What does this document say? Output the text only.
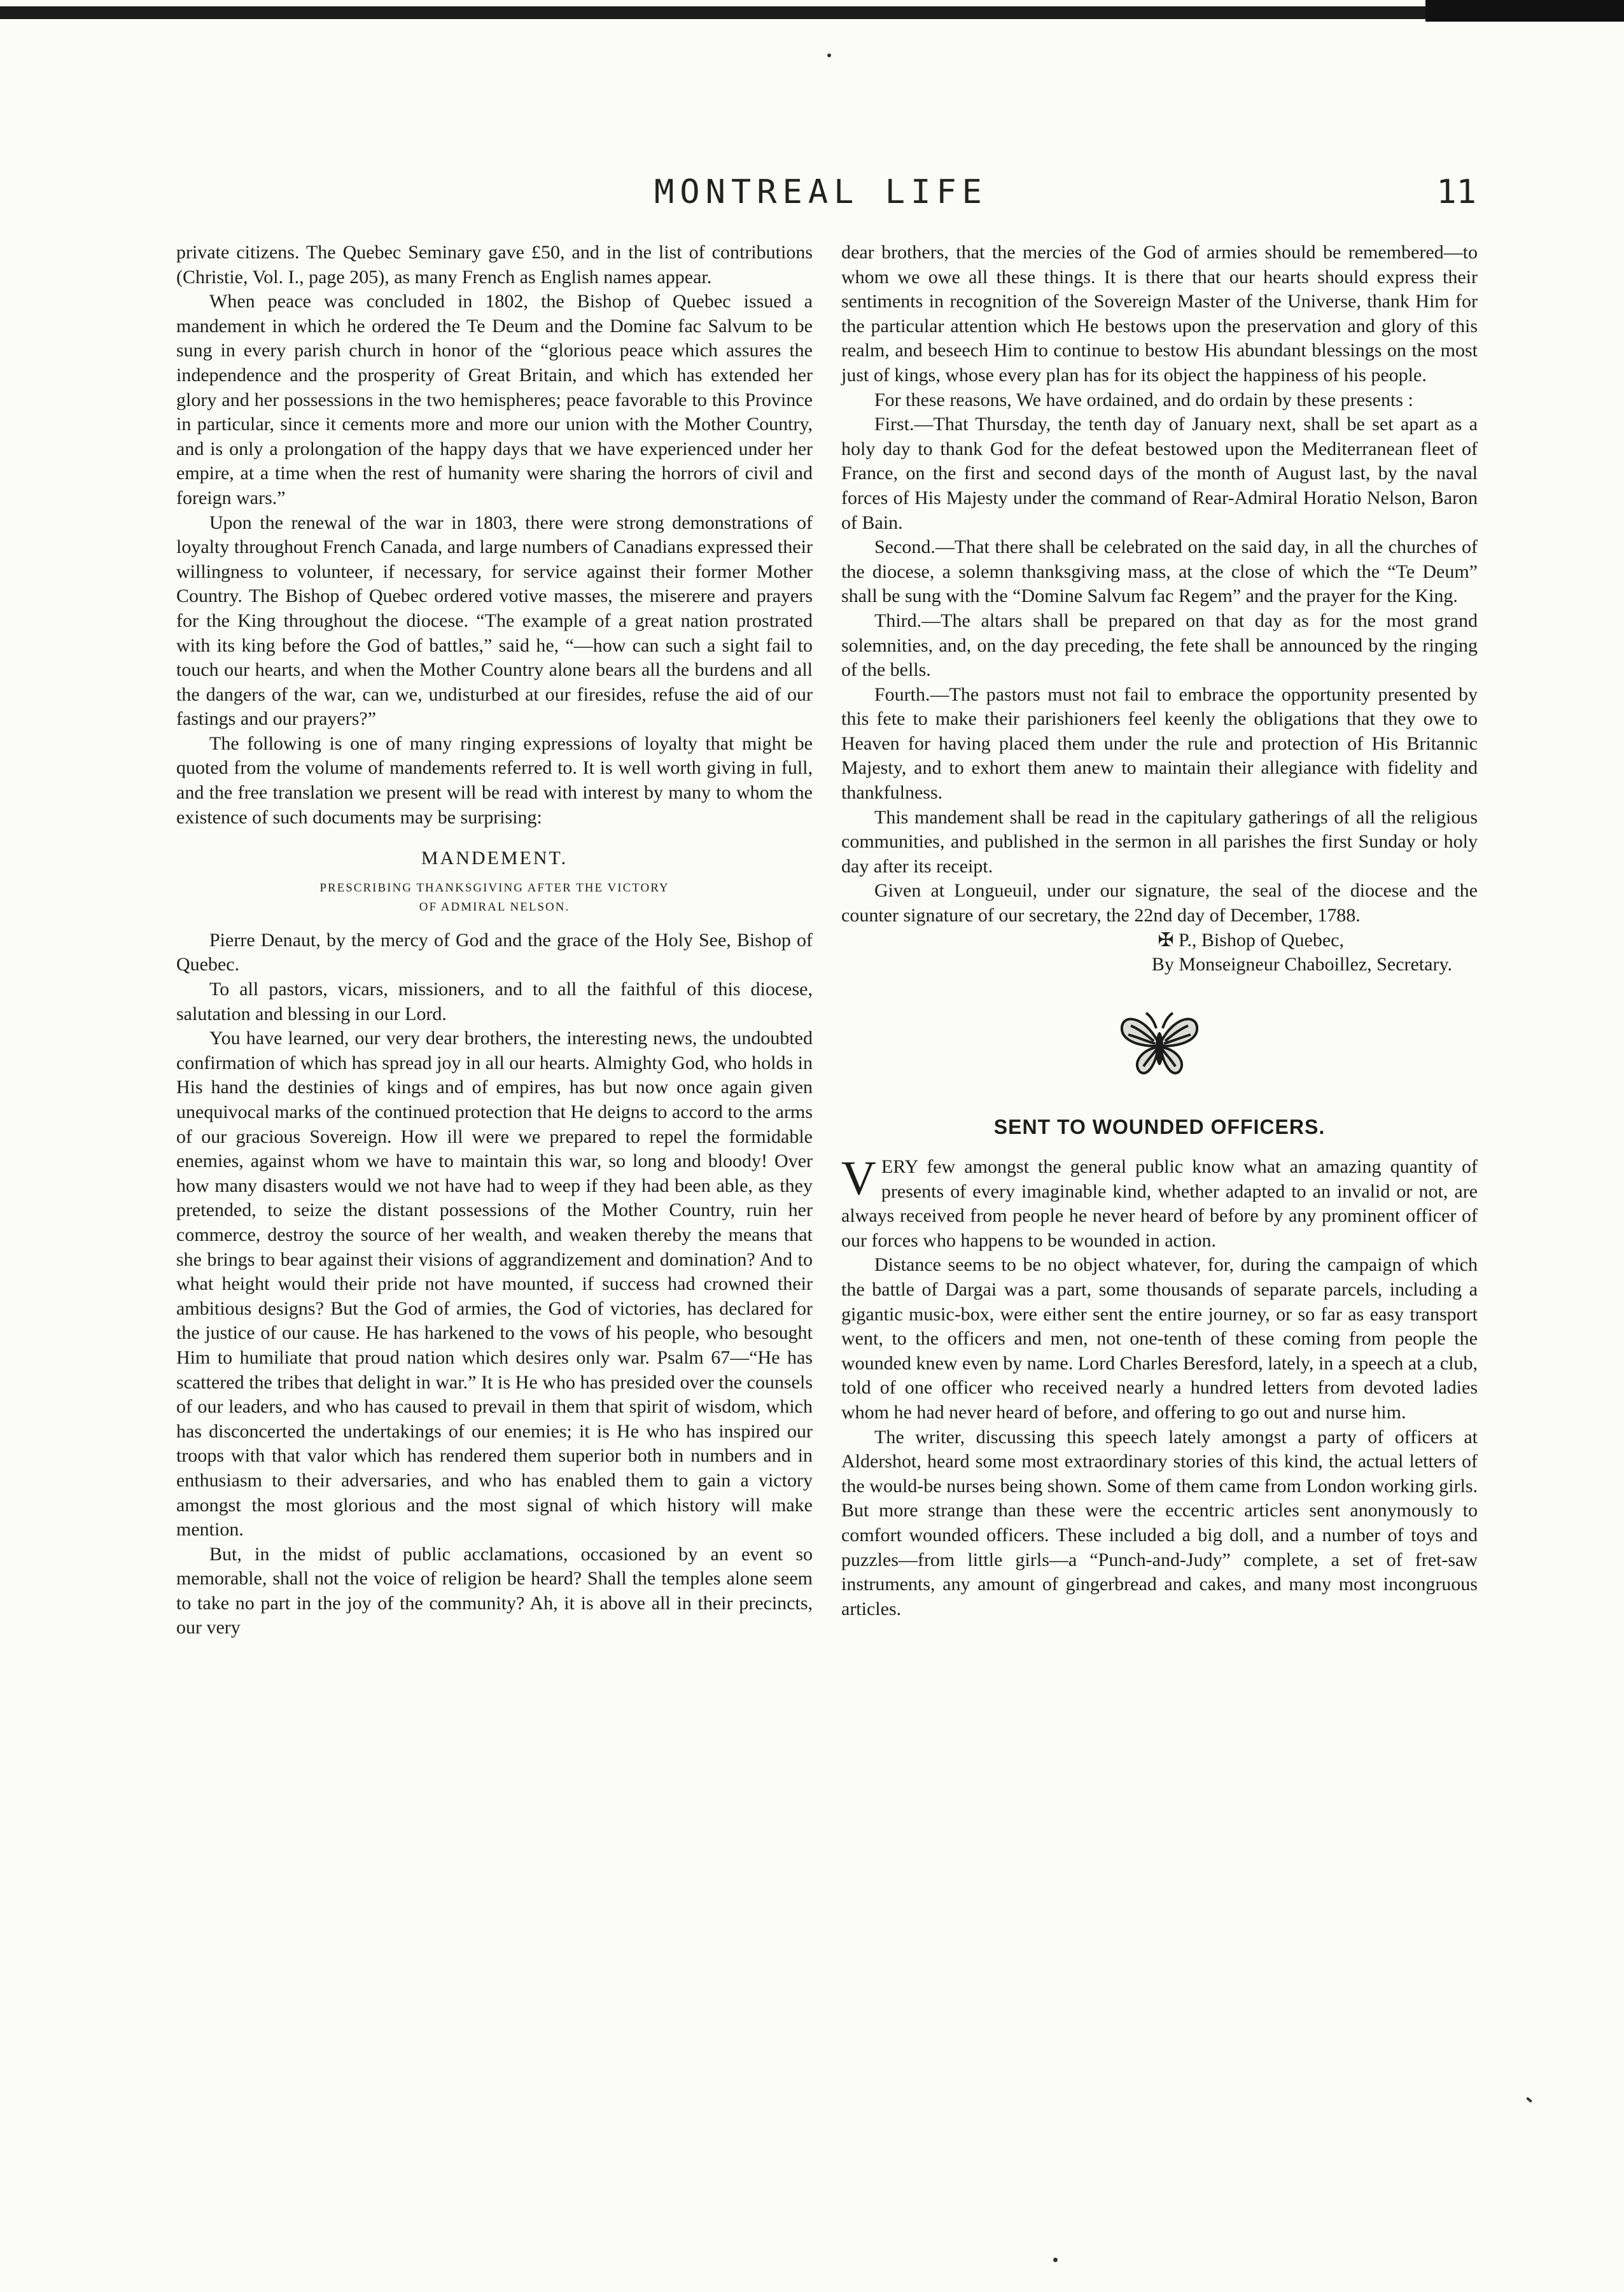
MONTREAL LIFE	11

private citizens. The Quebec Seminary gave £50, and in the list of contributions (Christie, Vol. I., page 205), as many French as English names appear.

When peace was concluded in 1802, the Bishop of Quebec issued a mandement in which he ordered the Te Deum and the Domine fac Salvum to be sung in every parish church in honor of the “glorious peace which assures the independence and the prosperity of Great Britain, and which has extended her glory and her possessions in the two hemispheres; peace favorable to this Province in particular, since it cements more and more our union with the Mother Country, and is only a prolongation of the happy days that we have experienced under her empire, at a time when the rest of humanity were sharing the horrors of civil and foreign wars.”

Upon the renewal of the war in 1803, there were strong demonstrations of loyalty throughout French Canada, and large numbers of Canadians expressed their willingness to volunteer, if necessary, for service against their former Mother Country. The Bishop of Quebec ordered votive masses, the miserere and prayers for the King throughout the diocese. “The example of a great nation prostrated with its king before the God of battles,” said he, “—how can such a sight fail to touch our hearts, and when the Mother Country alone bears all the burdens and all the dangers of the war, can we, undisturbed at our firesides, refuse the aid of our fastings and our prayers?”

The following is one of many ringing expressions of loyalty that might be quoted from the volume of mandements referred to. It is well worth giving in full, and the free translation we present will be read with interest by many to whom the existence of such documents may be surprising:

MANDEMENT.
PRESCRIBING THANKSGIVING AFTER THE VICTORY
OF ADMIRAL NELSON.

Pierre Denaut, by the mercy of God and the grace of the Holy See, Bishop of Quebec.

To all pastors, vicars, missioners, and to all the faithful of this diocese, salutation and blessing in our Lord.

You have learned, our very dear brothers, the interesting news, the undoubted confirmation of which has spread joy in all our hearts. Almighty God, who holds in His hand the destinies of kings and of empires, has but now once again given unequivocal marks of the continued protection that He deigns to accord to the arms of our gracious Sovereign. How ill were we prepared to repel the formidable enemies, against whom we have to maintain this war, so long and bloody! Over how many disasters would we not have had to weep if they had been able, as they pretended, to seize the distant possessions of the Mother Country, ruin her commerce, destroy the source of her wealth, and weaken thereby the means that she brings to bear against their visions of aggrandizement and domination? And to what height would their pride not have mounted, if success had crowned their ambitious designs? But the God of armies, the God of victories, has declared for the justice of our cause. He has harkened to the vows of his people, who besought Him to humiliate that proud nation which desires only war. Psalm 67—“He has scattered the tribes that delight in war.” It is He who has presided over the counsels of our leaders, and who has caused to prevail in them that spirit of wisdom, which has disconcerted the undertakings of our enemies; it is He who has inspired our troops with that valor which has rendered them superior both in numbers and in enthusiasm to their adversaries, and who has enabled them to gain a victory amongst the most glorious and the most signal of which history will make mention.

But, in the midst of public acclamations, occasioned by an event so memorable, shall not the voice of religion be heard? Shall the temples alone seem to take no part in the joy of the community? Ah, it is above all in their precincts, our very

dear brothers, that the mercies of the God of armies should be remembered—to whom we owe all these things. It is there that our hearts should express their sentiments in recognition of the Sovereign Master of the Universe, thank Him for the particular attention which He bestows upon the preservation and glory of this realm, and beseech Him to continue to bestow His abundant blessings on the most just of kings, whose every plan has for its object the happiness of his people.

For these reasons, We have ordained, and do ordain by these presents :

First.—That Thursday, the tenth day of January next, shall be set apart as a holy day to thank God for the defeat bestowed upon the Mediterranean fleet of France, on the first and second days of the month of August last, by the naval forces of His Majesty under the command of Rear-Admiral Horatio Nelson, Baron of Bain.

Second.—That there shall be celebrated on the said day, in all the churches of the diocese, a solemn thanksgiving mass, at the close of which the “Te Deum” shall be sung with the “Domine Salvum fac Regem” and the prayer for the King.

Third.—The altars shall be prepared on that day as for the most grand solemnities, and, on the day preceding, the fete shall be announced by the ringing of the bells.

Fourth.—The pastors must not fail to embrace the opportunity presented by this fete to make their parishioners feel keenly the obligations that they owe to Heaven for having placed them under the rule and protection of His Britannic Majesty, and to exhort them anew to maintain their allegiance with fidelity and thankfulness.

This mandement shall be read in the capitulary gatherings of all the religious communities, and published in the sermon in all parishes the first Sunday or holy day after its receipt.

Given at Longueuil, under our signature, the seal of the diocese and the counter signature of our secretary, the 22nd day of December, 1788.

✠ P., Bishop of Quebec,

By Monseigneur Chaboillez, Secretary.

SENT TO WOUNDED OFFICERS.

VERY few amongst the general public know what an amazing quantity of presents of every imaginable kind, whether adapted to an invalid or not, are always received from people he never heard of before by any prominent officer of our forces who happens to be wounded in action.

Distance seems to be no object whatever, for, during the campaign of which the battle of Dargai was a part, some thousands of separate parcels, including a gigantic music-box, were either sent the entire journey, or so far as easy transport went, to the officers and men, not one-tenth of these coming from people the wounded knew even by name. Lord Charles Beresford, lately, in a speech at a club, told of one officer who received nearly a hundred letters from devoted ladies whom he had never heard of before, and offering to go out and nurse him.

The writer, discussing this speech lately amongst a party of officers at Aldershot, heard some most extraordinary stories of this kind, the actual letters of the would-be nurses being shown. Some of them came from London working girls. But more strange than these were the eccentric articles sent anonymously to comfort wounded officers. These included a big doll, and a number of toys and puzzles—from little girls—a “Punch-and-Judy” complete, a set of fret-saw instruments, any amount of gingerbread and cakes, and many most incongruous articles.
